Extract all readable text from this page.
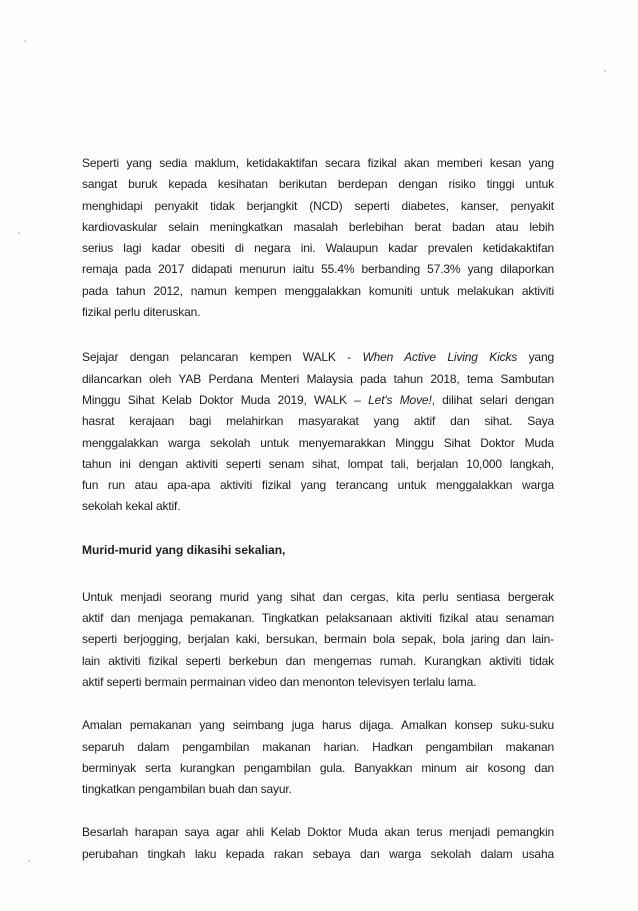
Seperti yang sedia maklum, ketidakaktifan secara fizikal akan memberi kesan yang
sangat buruk kepada kesihatan berikutan berdepan dengan risiko tinggi untuk
menghidapi penyakit tidak berjangkit (NCD) seperti diabetes, kanser, penyakit
kardiovaskular selain meningkatkan masalah berlebihan berat badan atau lebih
serius lagi kadar obesiti di negara ini. Walaupun kadar prevalen ketidakaktifan
remaja pada 2017 didapati menurun iaitu 55.4% berbanding 57.3% yang dilaporkan
pada tahun 2012, namun kempen menggalakkan komuniti untuk melakukan aktiviti
fizikal perlu diteruskan.

Sejajar dengan pelancaran kempen WALK - When Active Living Kicks yang
dilancarkan oleh YAB Perdana Menteri Malaysia pada tahun 2018, tema Sambutan
Minggu Sihat Kelab Doktor Muda 2019, WALK – Let's Move!, dilihat selari dengan
hasrat kerajaan bagi melahirkan masyarakat yang aktif dan sihat. Saya
menggalakkan warga sekolah untuk menyemarakkan Minggu Sihat Doktor Muda
tahun ini dengan aktiviti seperti senam sihat, lompat tali, berjalan 10,000 langkah,
fun run atau apa-apa aktiviti fizikal yang terancang untuk menggalakkan warga
sekolah kekal aktif.

Murid-murid yang dikasihi sekalian,

Untuk menjadi seorang murid yang sihat dan cergas, kita perlu sentiasa bergerak
aktif dan menjaga pemakanan. Tingkatkan pelaksanaan aktiviti fizikal atau senaman
seperti berjogging, berjalan kaki, bersukan, bermain bola sepak, bola jaring dan lain-
lain aktiviti fizikal seperti berkebun dan mengemas rumah. Kurangkan aktiviti tidak
aktif seperti bermain permainan video dan menonton televisyen terlalu lama.

Amalan pemakanan yang seimbang juga harus dijaga. Amalkan konsep suku-suku
separuh dalam pengambilan makanan harian. Hadkan pengambilan makanan
berminyak serta kurangkan pengambilan gula. Banyakkan minum air kosong dan
tingkatkan pengambilan buah dan sayur.

Besarlah harapan saya agar ahli Kelab Doktor Muda akan terus menjadi pemangkin
perubahan tingkah laku kepada rakan sebaya dan warga sekolah dalam usaha
